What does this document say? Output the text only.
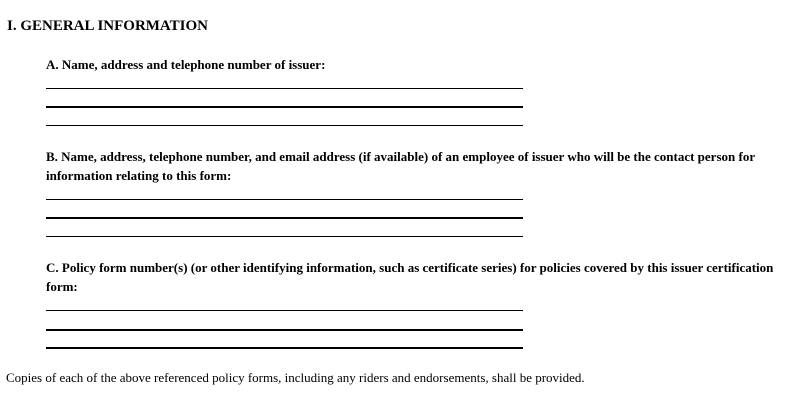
I. GENERAL INFORMATION

A. Name, address and telephone number of issuer:

B. Name, address, telephone number, and email address (if available) of an employee of issuer who will be the contact person for information relating to this form:

C. Policy form number(s) (or other identifying information, such as certificate series) for policies covered by this issuer certification form:

Copies of each of the above referenced policy forms, including any riders and endorsements, shall be provided.
